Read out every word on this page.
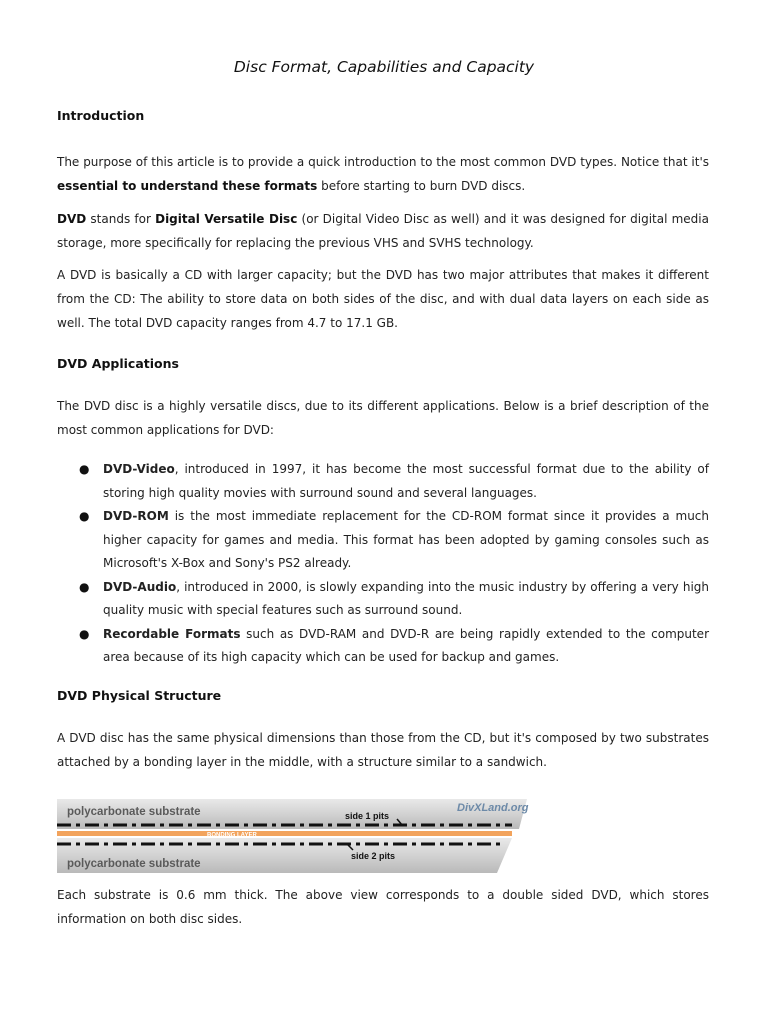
Disc Format, Capabilities and Capacity
Introduction
The purpose of this article is to provide a quick introduction to the most common DVD types. Notice that it's essential to understand these formats before starting to burn DVD discs.
DVD stands for Digital Versatile Disc (or Digital Video Disc as well) and it was designed for digital media storage, more specifically for replacing the previous VHS and SVHS technology.
A DVD is basically a CD with larger capacity; but the DVD has two major attributes that makes it different from the CD: The ability to store data on both sides of the disc, and with dual data layers on each side as well. The total DVD capacity ranges from 4.7 to 17.1 GB.
DVD Applications
The DVD disc is a highly versatile discs, due to its different applications. Below is a brief description of the most common applications for DVD:
● DVD-Video, introduced in 1997, it has become the most successful format due to the ability of storing high quality movies with surround sound and several languages.
● DVD-ROM is the most immediate replacement for the CD-ROM format since it provides a much higher capacity for games and media. This format has been adopted by gaming consoles such as Microsoft's X-Box and Sony's PS2 already.
● DVD-Audio, introduced in 2000, is slowly expanding into the music industry by offering a very high quality music with special features such as surround sound.
● Recordable Formats such as DVD-RAM and DVD-R are being rapidly extended to the computer area because of its high capacity which can be used for backup and games.
DVD Physical Structure
A DVD disc has the same physical dimensions than those from the CD, but it's composed by two substrates attached by a bonding layer in the middle, with a structure similar to a sandwich.
polycarbonate substrate
polycarbonate substrate
BONDING LAYER
side 1 pits
side 2 pits
DivXLand.org
Each substrate is 0.6 mm thick. The above view corresponds to a double sided DVD, which stores information on both disc sides.
